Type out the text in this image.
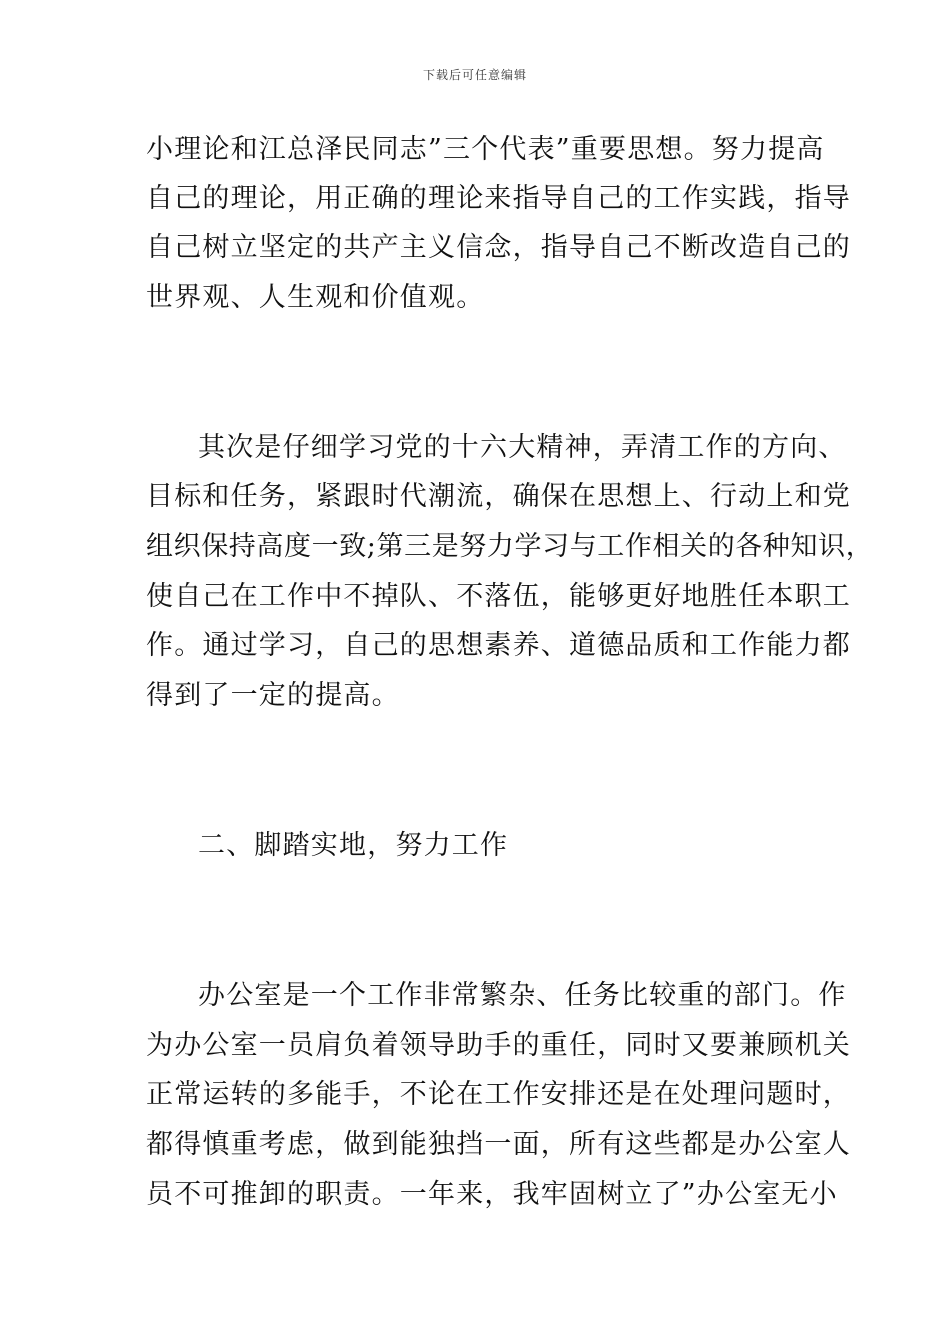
下载后可任意编辑
小理论和江总泽民同志”三个代表”重要思想。努力提高
自己的理论，用正确的理论来指导自己的工作实践，指导
自己树立坚定的共产主义信念，指导自己不断改造自己的
世界观、人生观和价值观。
其次是仔细学习党的十六大精神，弄清工作的方向、
目标和任务，紧跟时代潮流，确保在思想上、行动上和党
组织保持高度一致;第三是努力学习与工作相关的各种知识，
使自己在工作中不掉队、不落伍，能够更好地胜任本职工
作。通过学习，自己的思想素养、道德品质和工作能力都
得到了一定的提高。
二、脚踏实地，努力工作
办公室是一个工作非常繁杂、任务比较重的部门。作
为办公室一员肩负着领导助手的重任，同时又要兼顾机关
正常运转的多能手，不论在工作安排还是在处理问题时，
都得慎重考虑，做到能独挡一面，所有这些都是办公室人
员不可推卸的职责。一年来，我牢固树立了”办公室无小
